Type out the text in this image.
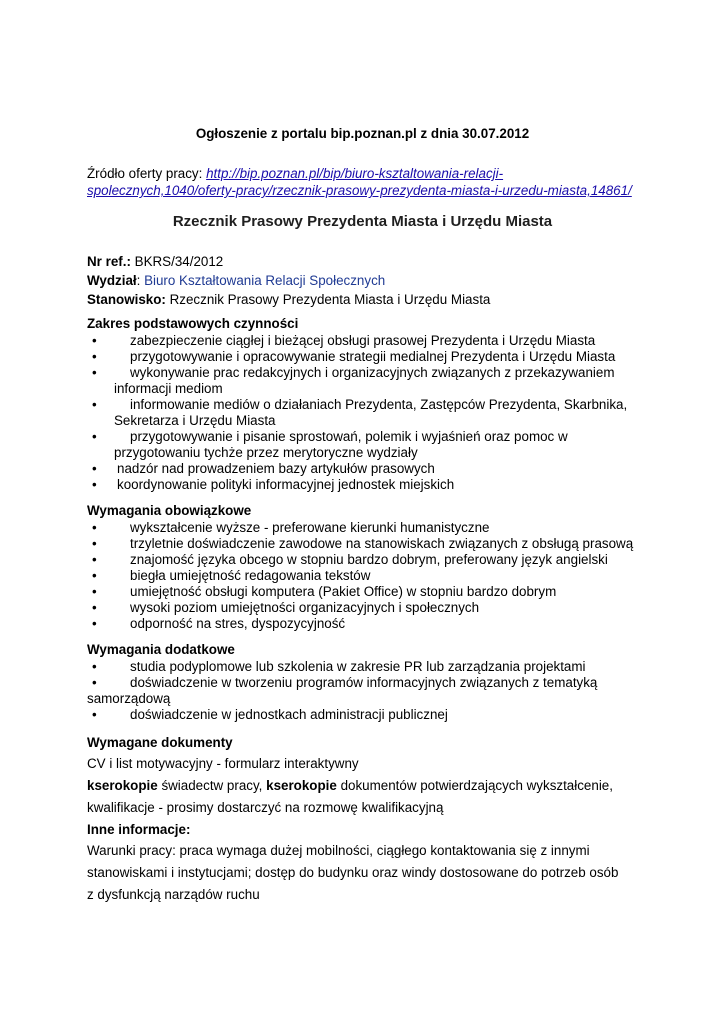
Ogłoszenie z portalu bip.poznan.pl z dnia 30.07.2012
Źródło oferty pracy: http://bip.poznan.pl/bip/biuro-ksztaltowania-relacji-
spolecznych,1040/oferty-pracy/rzecznik-prasowy-prezydenta-miasta-i-urzedu-miasta,14861/
Rzecznik Prasowy Prezydenta Miasta i Urzędu Miasta
Nr ref.: BKRS/34/2012
Wydział: Biuro Kształtowania Relacji Społecznych
Stanowisko: Rzecznik Prasowy Prezydenta Miasta i Urzędu Miasta

Zakres podstawowych czynności

• zabezpieczenie ciągłej i bieżącej obsługi prasowej Prezydenta i Urzędu Miasta
• przygotowywanie i opracowywanie strategii medialnej Prezydenta i Urzędu Miasta
• wykonywanie prac redakcyjnych i organizacyjnych związanych z przekazywaniem
informacji mediom
• informowanie mediów o działaniach Prezydenta, Zastępców Prezydenta, Skarbnika,
Sekretarza i Urzędu Miasta
• przygotowywanie i pisanie sprostowań, polemik i wyjaśnień oraz pomoc w
przygotowaniu tychże przez merytoryczne wydziały
• nadzór nad prowadzeniem bazy artykułów prasowych
• koordynowanie polityki informacyjnej jednostek miejskich

Wymagania obowiązkowe

• wykształcenie wyższe - preferowane kierunki humanistyczne
• trzyletnie doświadczenie zawodowe na stanowiskach związanych z obsługą prasową
• znajomość języka obcego w stopniu bardzo dobrym, preferowany język angielski
• biegła umiejętność redagowania tekstów
• umiejętność obsługi komputera (Pakiet Office) w stopniu bardzo dobrym
• wysoki poziom umiejętności organizacyjnych i społecznych
• odporność na stres, dyspozycyjność

Wymagania dodatkowe

• studia podyplomowe lub szkolenia w zakresie PR lub zarządzania projektami
• doświadczenie w tworzeniu programów informacyjnych związanych z tematyką
samorządową
• doświadczenie w jednostkach administracji publicznej

Wymagane dokumenty

CV i list motywacyjny - formularz interaktywny

kserokopie świadectw pracy, kserokopie dokumentów potwierdzających wykształcenie,

kwalifikacje - prosimy dostarczyć na rozmowę kwalifikacyjną

Inne informacje:

Warunki pracy: praca wymaga dużej mobilności, ciągłego kontaktowania się z innymi

stanowiskami i instytucjami; dostęp do budynku oraz windy dostosowane do potrzeb osób

z dysfunkcją narządów ruchu
